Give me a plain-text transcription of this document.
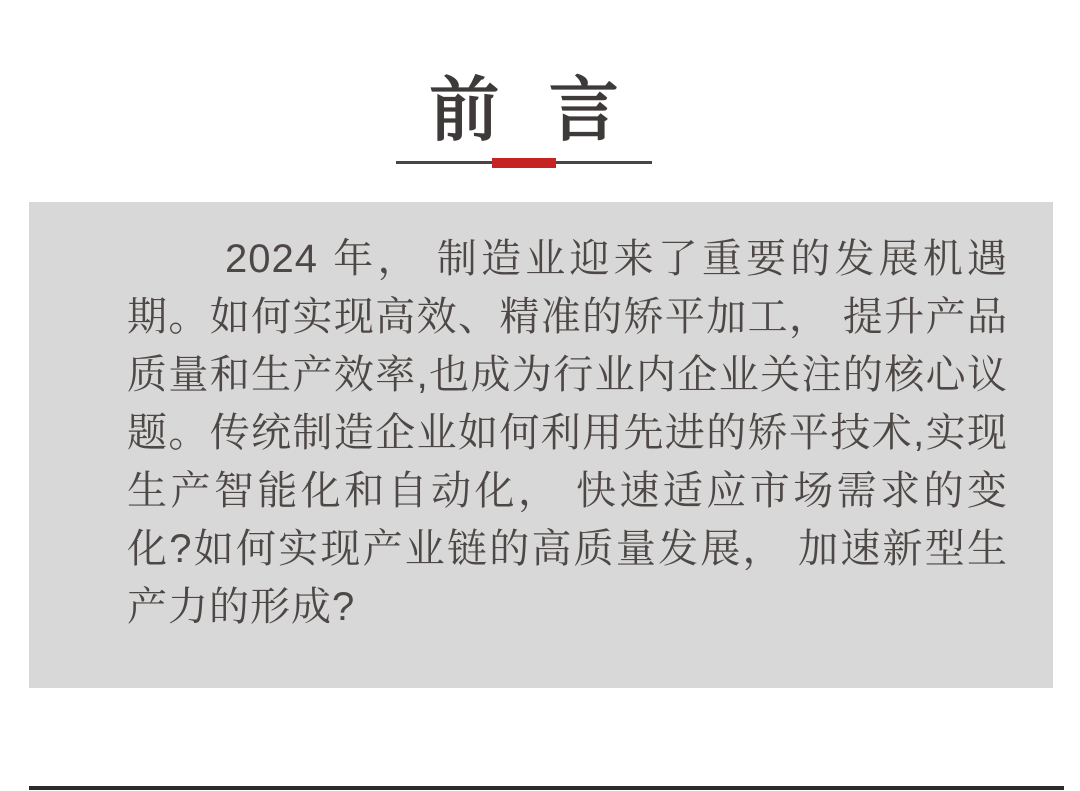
前 言

2024 年， 制造业迎来了重要的发展机遇期。如何实现高效、精准的矫平加工， 提升产品质量和生产效率,也成为行业内企业关注的核心议题。传统制造企业如何利用先进的矫平技术,实现生产智能化和自动化， 快速适应市场需求的变化?如何实现产业链的高质量发展， 加速新型生产力的形成?
